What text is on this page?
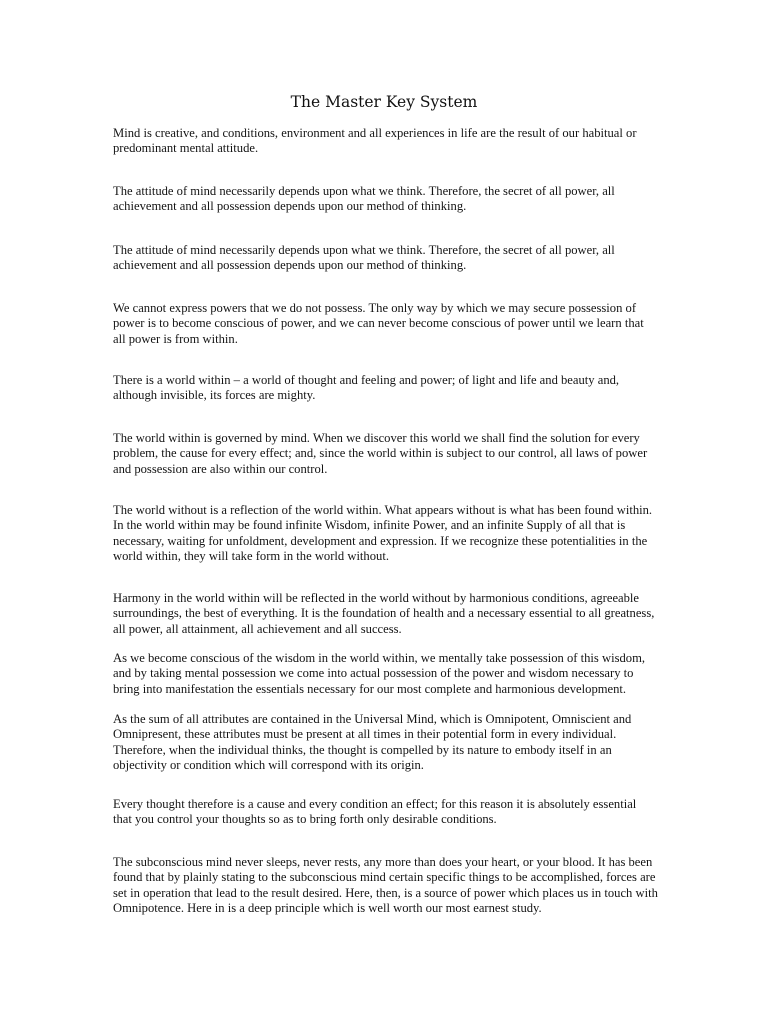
The Master Key System

Mind is creative, and conditions, environment and all experiences in life are the result of our habitual or predominant mental attitude.

The attitude of mind necessarily depends upon what we think. Therefore, the secret of all power, all achievement and all possession depends upon our method of thinking.

The attitude of mind necessarily depends upon what we think. Therefore, the secret of all power, all achievement and all possession depends upon our method of thinking.

We cannot express powers that we do not possess. The only way by which we may secure possession of power is to become conscious of power, and we can never become conscious of power until we learn that all power is from within.

There is a world within – a world of thought and feeling and power; of light and life and beauty and, although invisible, its forces are mighty.

The world within is governed by mind. When we discover this world we shall find the solution for every problem, the cause for every effect; and, since the world within is subject to our control, all laws of power and possession are also within our control.

The world without is a reflection of the world within. What appears without is what has been found within. In the world within may be found infinite Wisdom, infinite Power, and an infinite Supply of all that is necessary, waiting for unfoldment, development and expression. If we recognize these potentialities in the world within, they will take form in the world without.

Harmony in the world within will be reflected in the world without by harmonious conditions, agreeable surroundings, the best of everything. It is the foundation of health and a necessary essential to all greatness, all power, all attainment, all achievement and all success.

As we become conscious of the wisdom in the world within, we mentally take possession of this wisdom, and by taking mental possession we come into actual possession of the power and wisdom necessary to bring into manifestation the essentials necessary for our most complete and harmonious development.

As the sum of all attributes are contained in the Universal Mind, which is Omnipotent, Omniscient and Omnipresent, these attributes must be present at all times in their potential form in every individual. Therefore, when the individual thinks, the thought is compelled by its nature to embody itself in an objectivity or condition which will correspond with its origin.

Every thought therefore is a cause and every condition an effect; for this reason it is absolutely essential that you control your thoughts so as to bring forth only desirable conditions.

The subconscious mind never sleeps, never rests, any more than does your heart, or your blood. It has been found that by plainly stating to the subconscious mind certain specific things to be accomplished, forces are set in operation that lead to the result desired. Here, then, is a source of power which places us in touch with Omnipotence. Here in is a deep principle which is well worth our most earnest study.
